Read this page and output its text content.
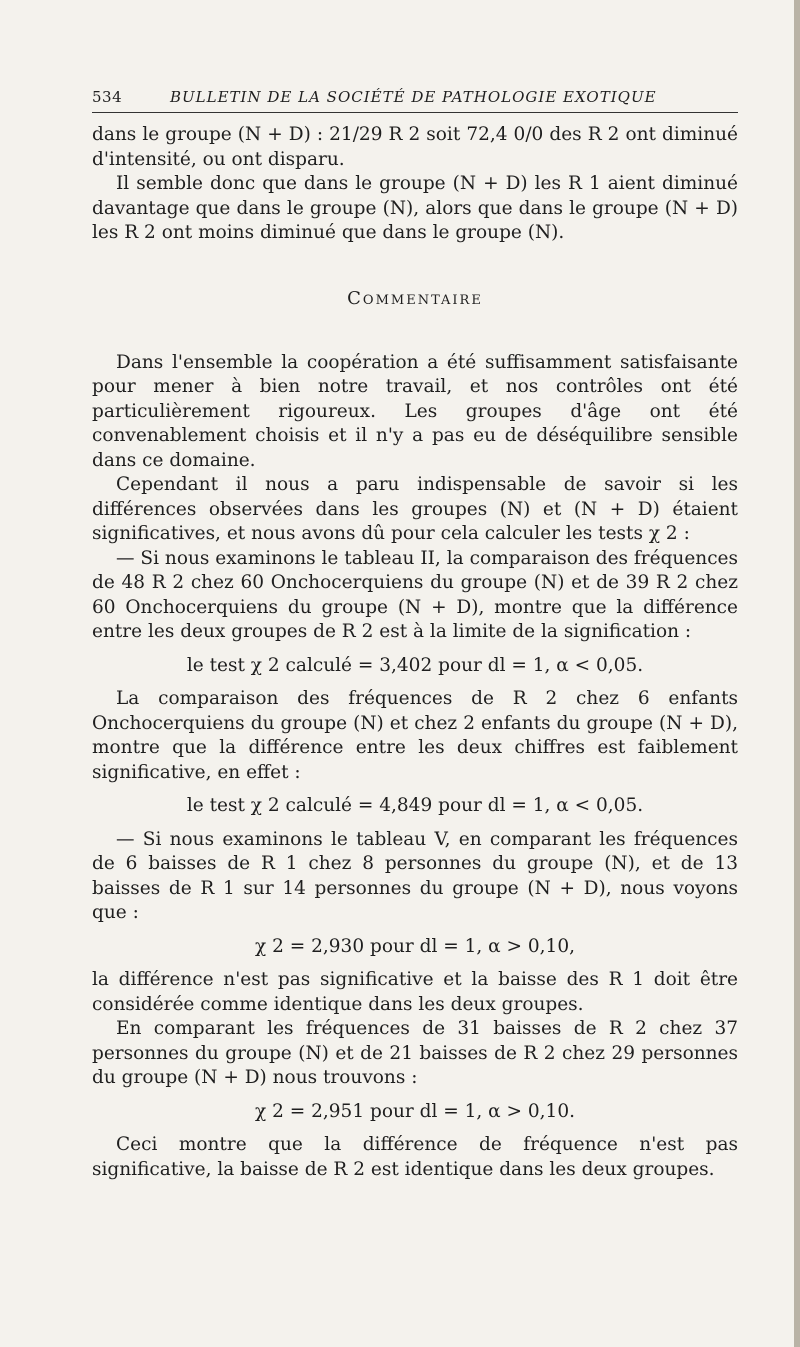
534	BULLETIN DE LA SOCIÉTÉ DE PATHOLOGIE EXOTIQUE

dans le groupe (N + D) : 21/29 R 2 soit 72,4 0/0 des R 2 ont diminué d'intensité, ou ont disparu.

Il semble donc que dans le groupe (N + D) les R 1 aient diminué davantage que dans le groupe (N), alors que dans le groupe (N + D) les R 2 ont moins diminué que dans le groupe (N).

Commentaire

Dans l'ensemble la coopération a été suffisamment satisfaisante pour mener à bien notre travail, et nos contrôles ont été particulièrement rigoureux. Les groupes d'âge ont été convenablement choisis et il n'y a pas eu de déséquilibre sensible dans ce domaine.

Cependant il nous a paru indispensable de savoir si les différences observées dans les groupes (N) et (N + D) étaient significatives, et nous avons dû pour cela calculer les tests χ 2 :

— Si nous examinons le tableau II, la comparaison des fréquences de 48 R 2 chez 60 Onchocerquiens du groupe (N) et de 39 R 2 chez 60 Onchocerquiens du groupe (N + D), montre que la différence entre les deux groupes de R 2 est à la limite de la signification :

le test χ 2 calculé = 3,402 pour dl = 1, α < 0,05.

La comparaison des fréquences de R 2 chez 6 enfants Onchocerquiens du groupe (N) et chez 2 enfants du groupe (N + D), montre que la différence entre les deux chiffres est faiblement significative, en effet :

le test χ 2 calculé = 4,849 pour dl = 1, α < 0,05.

— Si nous examinons le tableau V, en comparant les fréquences de 6 baisses de R 1 chez 8 personnes du groupe (N), et de 13 baisses de R 1 sur 14 personnes du groupe (N + D), nous voyons que :

χ 2 = 2,930 pour dl = 1, α > 0,10,

la différence n'est pas significative et la baisse des R 1 doit être considérée comme identique dans les deux groupes.

En comparant les fréquences de 31 baisses de R 2 chez 37 personnes du groupe (N) et de 21 baisses de R 2 chez 29 personnes du groupe (N + D) nous trouvons :

χ 2 = 2,951 pour dl = 1, α > 0,10.

Ceci montre que la différence de fréquence n'est pas significative, la baisse de R 2 est identique dans les deux groupes.
